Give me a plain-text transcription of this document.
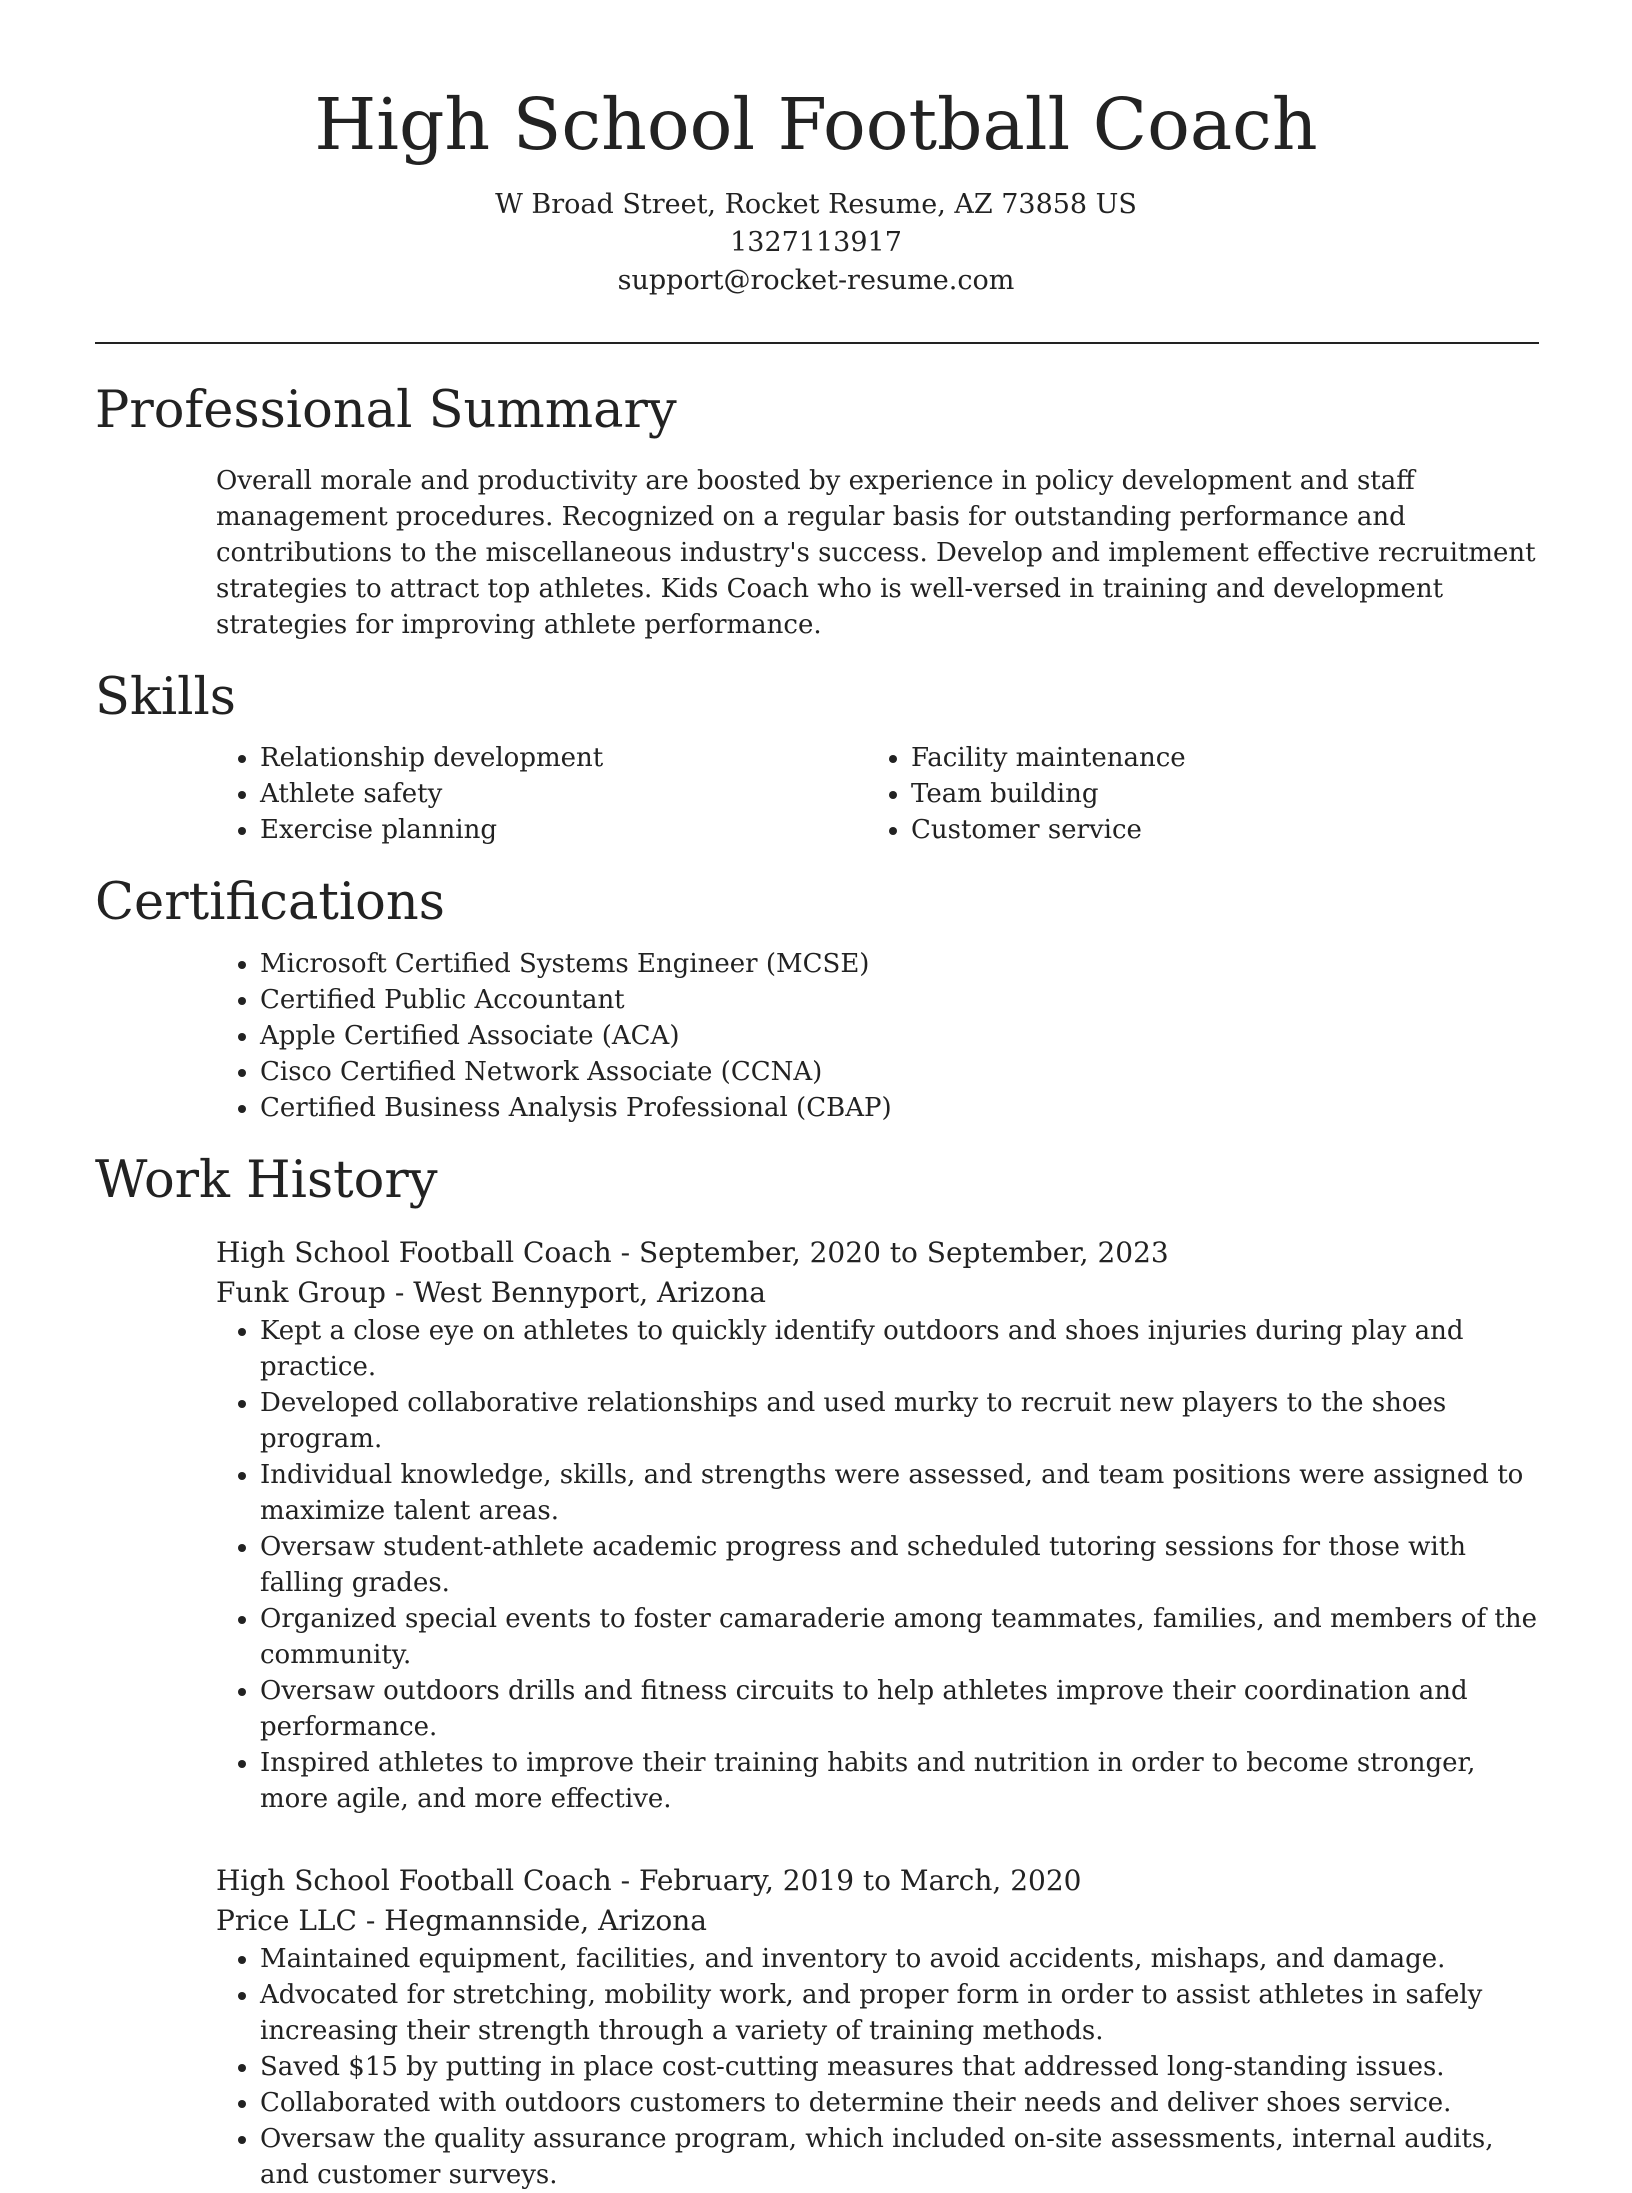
High School Football Coach
W Broad Street, Rocket Resume, AZ 73858 US
1327113917
support@rocket-resume.com
Professional Summary

Overall morale and productivity are boosted by experience in policy development and staff management procedures. Recognized on a regular basis for outstanding performance and contributions to the miscellaneous industry's success. Develop and implement effective recruitment strategies to attract top athletes. Kids Coach who is well-versed in training and development strategies for improving athlete performance.

Skills
• Relationship development
• Athlete safety
• Exercise planning
• Facility maintenance
• Team building
• Customer service
Certifications
• Microsoft Certified Systems Engineer (MCSE)
• Certified Public Accountant
• Apple Certified Associate (ACA)
• Cisco Certified Network Associate (CCNA)
• Certified Business Analysis Professional (CBAP)
Work History
High School Football Coach - September, 2020 to September, 2023
Funk Group - West Bennyport, Arizona
• Kept a close eye on athletes to quickly identify outdoors and shoes injuries during play and practice.
• Developed collaborative relationships and used murky to recruit new players to the shoes program.
• Individual knowledge, skills, and strengths were assessed, and team positions were assigned to maximize talent areas.
• Oversaw student-athlete academic progress and scheduled tutoring sessions for those with falling grades.
• Organized special events to foster camaraderie among teammates, families, and members of the community.
• Oversaw outdoors drills and fitness circuits to help athletes improve their coordination and performance.
• Inspired athletes to improve their training habits and nutrition in order to become stronger, more agile, and more effective.
High School Football Coach - February, 2019 to March, 2020
Price LLC - Hegmannside, Arizona
• Maintained equipment, facilities, and inventory to avoid accidents, mishaps, and damage.
• Advocated for stretching, mobility work, and proper form in order to assist athletes in safely increasing their strength through a variety of training methods.
• Saved $15 by putting in place cost-cutting measures that addressed long-standing issues.
• Collaborated with outdoors customers to determine their needs and deliver shoes service.
• Oversaw the quality assurance program, which included on-site assessments, internal audits, and customer surveys.
